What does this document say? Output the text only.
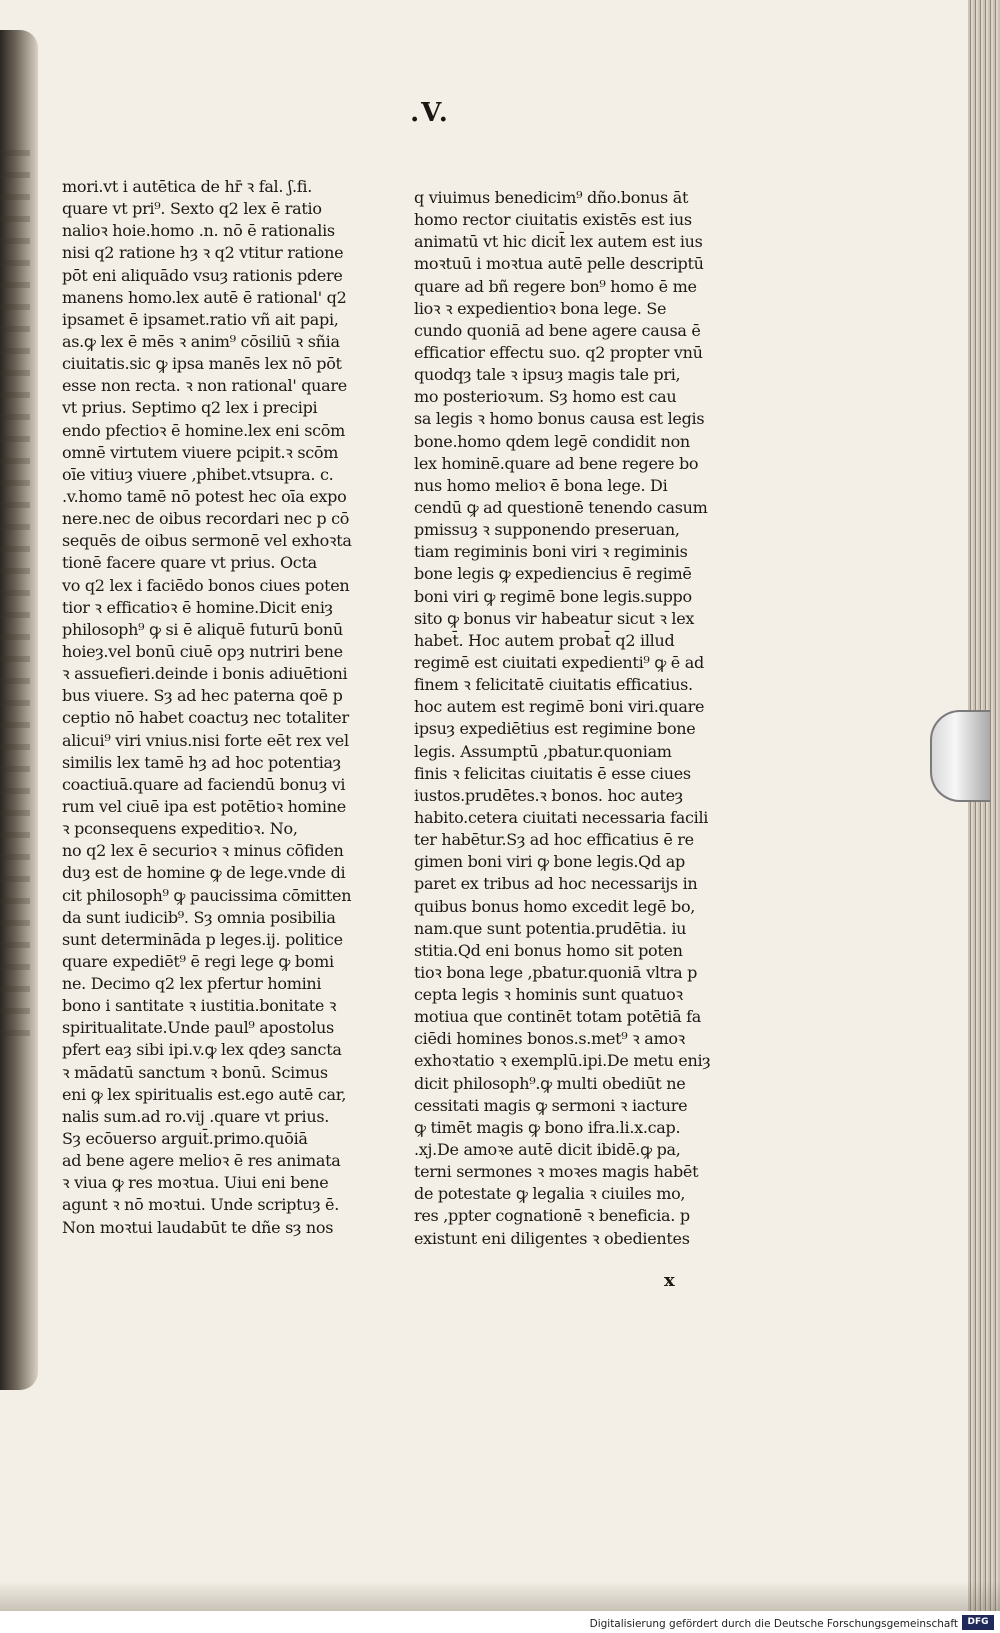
.V.
mori.vt i autētica de hr̄ ꝛ fal. ʃ.fi.
quare vt pri⁹. Sexto q2 lex ē ratio
nalioꝛ hoie.homo .n. nō ē rationalis
nisi q2 ratione hȝ ꝛ q2 vtitur ratione
pōt eni aliquādo vsuȝ rationis pdere
manens homo.lex autē ē rational' q2
ipsamet ē ipsamet.ratio vñ ait papi,
as.ꝙ lex ē mēs ꝛ anim⁹ cōsiliū ꝛ sñia
ciuitatis.sic ꝙ ipsa manēs lex nō pōt
esse non recta. ꝛ non rational' quare
vt prius. Septimo q2 lex i precipi
endo pfectioꝛ ē homine.lex eni scōm
omnē virtutem viuere pcipit.ꝛ scōm
oīe vitiuȝ viuere ,phibet.vtsupra. c.
.v.homo tamē nō potest hec oīa expo
nere.nec de oibus recordari nec p cō
sequēs de oibus sermonē vel exhoꝛta
tionē facere quare vt prius. Octa
vo q2 lex i faciēdo bonos ciues poten
tior ꝛ efficatioꝛ ē homine.Dicit eniȝ
philosoph⁹ ꝙ si ē aliquē futurū bonū
hoieȝ.vel bonū ciuē opȝ nutriri bene
ꝛ assuefieri.deinde i bonis adiuētioni
bus viuere. Sȝ ad hec paterna qoē p
ceptio nō habet coactuȝ nec totaliter
alicui⁹ viri vnius.nisi forte eēt rex vel
similis lex tamē hȝ ad hoc potentiaȝ
coactiuā.quare ad faciendū bonuȝ vi
rum vel ciuē ipa est potētioꝛ homine
ꝛ pconsequens expeditioꝛ. No,
no q2 lex ē securioꝛ ꝛ minus cōfiden
duȝ est de homine ꝙ de lege.vnde di
cit philosoph⁹ ꝙ paucissima cōmitten
da sunt iudicib⁹. Sȝ omnia posibilia
sunt determināda p leges.ij. politice
quare expediēt⁹ ē regi lege ꝙ bomi
ne. Decimo q2 lex pfertur homini
bono i santitate ꝛ iustitia.bonitate ꝛ
spiritualitate.Unde paul⁹ apostolus
pfert eaȝ sibi ipi.v.ꝙ lex qdeȝ sancta
ꝛ mādatū sanctum ꝛ bonū. Scimus
eni ꝙ lex spiritualis est.ego autē car,
nalis sum.ad ro.vij .quare vt prius.
Sȝ ecōuerso arguit̄.primo.quōiā
ad bene agere melioꝛ ē res animata
ꝛ viua ꝙ res moꝛtua. Uiui eni bene
agunt ꝛ nō moꝛtui. Unde scriptuȝ ē.
Non moꝛtui laudabūt te dñe sȝ nos
q viuimus benedicim⁹ dño.bonus āt
homo rector ciuitatis existēs est ius
animatū vt hic dicit̄ lex autem est ius
moꝛtuū i moꝛtua autē pelle descriptū
quare ad bñ regere bon⁹ homo ē me
lioꝛ ꝛ expedientioꝛ bona lege. Se
cundo quoniā ad bene agere causa ē
efficatior effectu suo. q2 propter vnū
quodqȝ tale ꝛ ipsuȝ magis tale pri,
mo posterioꝛum. Sȝ homo est cau
sa legis ꝛ homo bonus causa est legis
bone.homo qdem legē condidit non
lex hominē.quare ad bene regere bo
nus homo melioꝛ ē bona lege. Di
cendū ꝙ ad questionē tenendo casum
pmissuȝ ꝛ supponendo preseruan,
tiam regiminis boni viri ꝛ regiminis
bone legis ꝙ expediencius ē regimē
boni viri ꝙ regimē bone legis.suppo
sito ꝙ bonus vir habeatur sicut ꝛ lex
habet̄. Hoc autem probat̄ q2 illud
regimē est ciuitati expedienti⁹ ꝙ ē ad
finem ꝛ felicitatē ciuitatis efficatius.
hoc autem est regimē boni viri.quare
ipsuȝ expediētius est regimine bone
legis. Assumptū ,pbatur.quoniam
finis ꝛ felicitas ciuitatis ē esse ciues
iustos.prudētes.ꝛ bonos. hoc auteȝ
habito.cetera ciuitati necessaria facili
ter habētur.Sȝ ad hoc efficatius ē re
gimen boni viri ꝙ bone legis.Qd ap
paret ex tribus ad hoc necessarijs in
quibus bonus homo excedit legē bo,
nam.que sunt potentia.prudētia. iu
stitia.Qd eni bonus homo sit poten
tioꝛ bona lege ,pbatur.quoniā vltra p
cepta legis ꝛ hominis sunt quatuoꝛ
motiua que continēt totam potētiā fa
ciēdi homines bonos.s.met⁹ ꝛ amoꝛ
exhoꝛtatio ꝛ exemplū.ipi.De metu eniȝ
dicit philosoph⁹.ꝙ multi obediūt ne
cessitati magis ꝙ sermoni ꝛ iacture
ꝙ timēt magis ꝙ bono ifra.li.x.cap.
.xj.De amoꝛe autē dicit ibidē.ꝙ pa,
terni sermones ꝛ moꝛes magis habēt
de potestate ꝙ legalia ꝛ ciuiles mo,
res ,ppter cognationē ꝛ beneficia. p
existunt eni diligentes ꝛ obedientes
x
Digitalisierung gefördert durch die Deutsche Forschungsgemeinschaft	DFG
